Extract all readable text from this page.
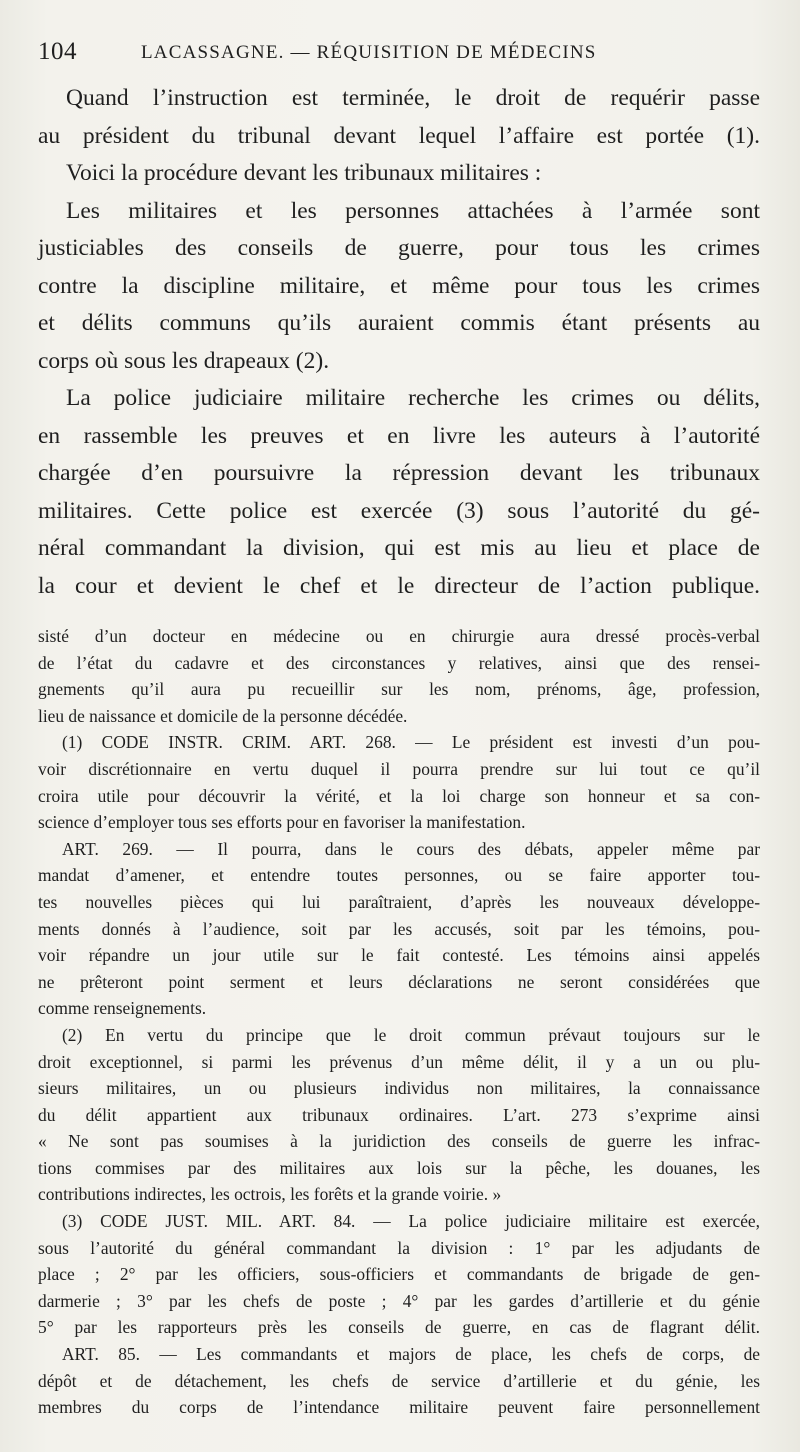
104	LACASSAGNE. — RÉQUISITION DE MÉDECINS
Quand l’instruction est terminée, le droit de requérir passe
au président du tribunal devant lequel l’affaire est portée (1).
Voici la procédure devant les tribunaux militaires :
Les militaires et les personnes attachées à l’armée sont
justiciables des conseils de guerre, pour tous les crimes
contre la discipline militaire, et même pour tous les crimes
et délits communs qu’ils auraient commis étant présents au
corps où sous les drapeaux (2).
La police judiciaire militaire recherche les crimes ou délits,
en rassemble les preuves et en livre les auteurs à l’autorité
chargée d’en poursuivre la répression devant les tribunaux
militaires. Cette police est exercée (3) sous l’autorité du gé-
néral commandant la division, qui est mis au lieu et place de
la cour et devient le chef et le directeur de l’action publique.
sisté d’un docteur en médecine ou en chirurgie aura dressé procès-verbal
de l’état du cadavre et des circonstances y relatives, ainsi que des rensei-
gnements qu’il aura pu recueillir sur les nom, prénoms, âge, profession,
lieu de naissance et domicile de la personne décédée.
(1) CODE INSTR. CRIM. ART. 268. — Le président est investi d’un pou-
voir discrétionnaire en vertu duquel il pourra prendre sur lui tout ce qu’il
croira utile pour découvrir la vérité, et la loi charge son honneur et sa con-
science d’employer tous ses efforts pour en favoriser la manifestation.
ART. 269. — Il pourra, dans le cours des débats, appeler même par
mandat d’amener, et entendre toutes personnes, ou se faire apporter tou-
tes nouvelles pièces qui lui paraîtraient, d’après les nouveaux développe-
ments donnés à l’audience, soit par les accusés, soit par les témoins, pou-
voir répandre un jour utile sur le fait contesté. Les témoins ainsi appelés
ne prêteront point serment et leurs déclarations ne seront considérées que
comme renseignements.
(2) En vertu du principe que le droit commun prévaut toujours sur le
droit exceptionnel, si parmi les prévenus d’un même délit, il y a un ou plu-
sieurs militaires, un ou plusieurs individus non militaires, la connaissance
du délit appartient aux tribunaux ordinaires. L’art. 273 s’exprime ainsi
« Ne sont pas soumises à la juridiction des conseils de guerre les infrac-
tions commises par des militaires aux lois sur la pêche, les douanes, les
contributions indirectes, les octrois, les forêts et la grande voirie. »
(3) CODE JUST. MIL. ART. 84. — La police judiciaire militaire est exercée,
sous l’autorité du général commandant la division : 1° par les adjudants de
place ; 2° par les officiers, sous-officiers et commandants de brigade de gen-
darmerie ; 3° par les chefs de poste ; 4° par les gardes d’artillerie et du génie
5° par les rapporteurs près les conseils de guerre, en cas de flagrant délit.
ART. 85. — Les commandants et majors de place, les chefs de corps, de
dépôt et de détachement, les chefs de service d’artillerie et du génie, les
membres du corps de l’intendance militaire peuvent faire personnellement
